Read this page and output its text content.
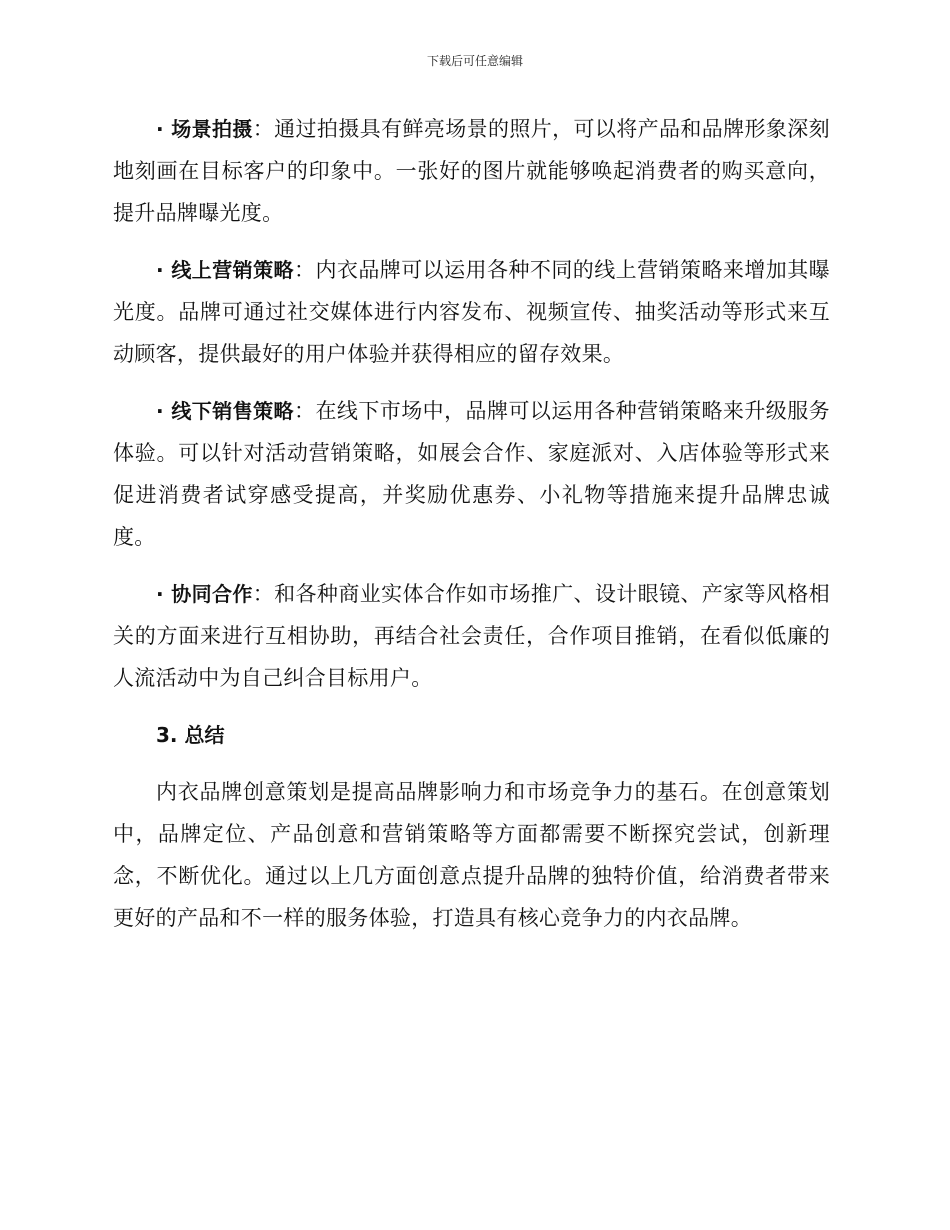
下载后可任意编辑

· 场景拍摄：通过拍摄具有鲜亮场景的照片，可以将产品和品牌形象深刻地刻画在目标客户的印象中。一张好的图片就能够唤起消费者的购买意向，提升品牌曝光度。

· 线上营销策略：内衣品牌可以运用各种不同的线上营销策略来增加其曝光度。品牌可通过社交媒体进行内容发布、视频宣传、抽奖活动等形式来互动顾客，提供最好的用户体验并获得相应的留存效果。

· 线下销售策略：在线下市场中，品牌可以运用各种营销策略来升级服务体验。可以针对活动营销策略，如展会合作、家庭派对、入店体验等形式来促进消费者试穿感受提高，并奖励优惠券、小礼物等措施来提升品牌忠诚度。

· 协同合作：和各种商业实体合作如市场推广、设计眼镜、产家等风格相关的方面来进行互相协助，再结合社会责任，合作项目推销，在看似低廉的人流活动中为自己纠合目标用户。

3. 总结

内衣品牌创意策划是提高品牌影响力和市场竞争力的基石。在创意策划中，品牌定位、产品创意和营销策略等方面都需要不断探究尝试，创新理念，不断优化。通过以上几方面创意点提升品牌的独特价值，给消费者带来更好的产品和不一样的服务体验，打造具有核心竞争力的内衣品牌。
